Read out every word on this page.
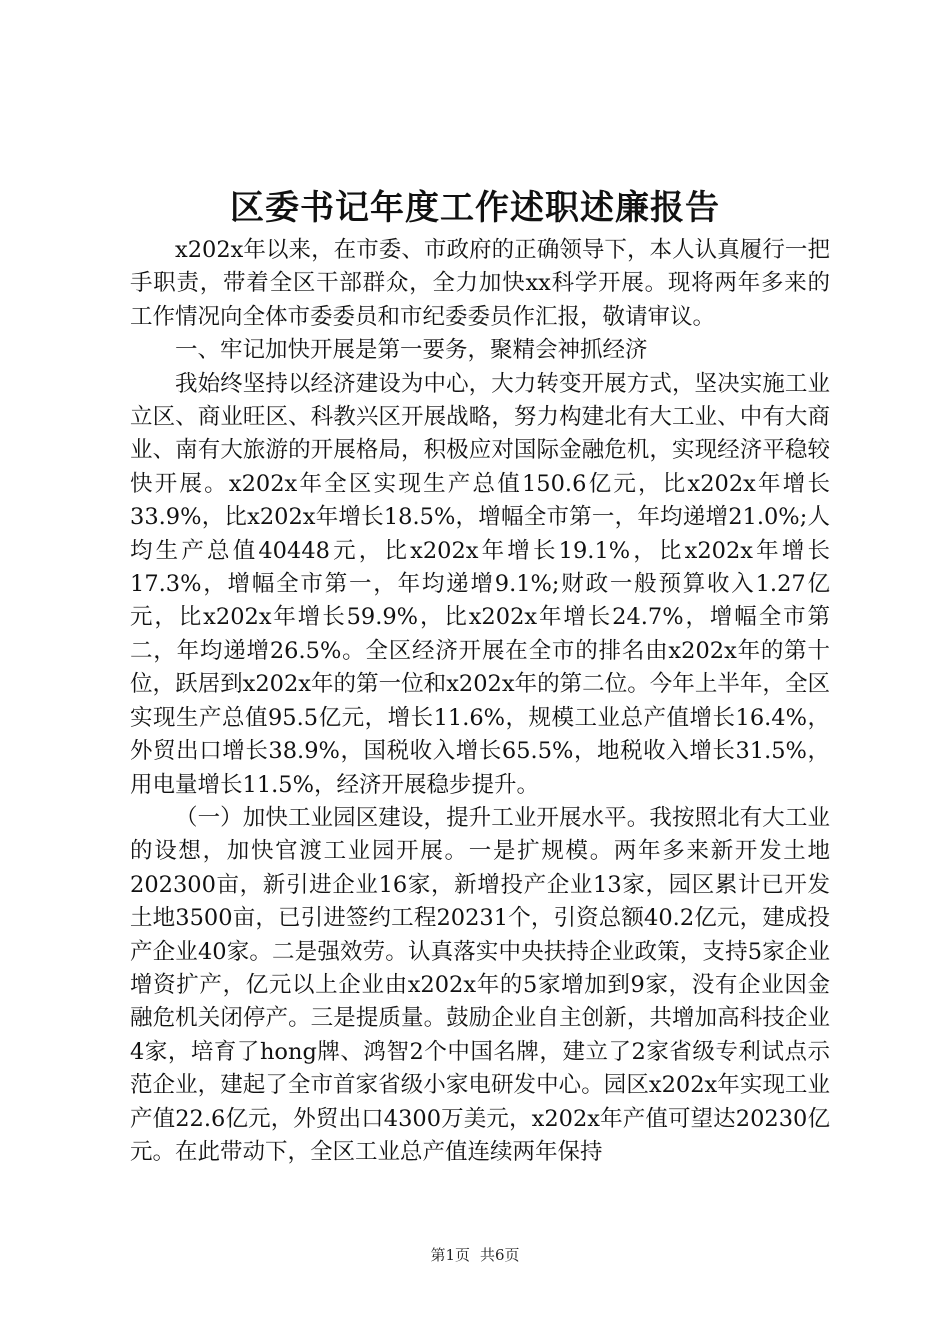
区委书记年度工作述职述廉报告

x202x年以来，在市委、市政府的正确领导下，本人认真履行一把手职责，带着全区干部群众，全力加快xx科学开展。现将两年多来的工作情况向全体市委委员和市纪委委员作汇报，敬请审议。

一、牢记加快开展是第一要务，聚精会神抓经济

我始终坚持以经济建设为中心，大力转变开展方式，坚决实施工业立区、商业旺区、科教兴区开展战略，努力构建北有大工业、中有大商业、南有大旅游的开展格局，积极应对国际金融危机，实现经济平稳较快开展。x202x年全区实现生产总值150.6亿元，比x202x年增长33.9%，比x202x年增长18.5%，增幅全市第一，年均递增21.0%;人均生产总值40448元，比x202x年增长19.1%，比x202x年增长17.3%，增幅全市第一，年均递增9.1%;财政一般预算收入1.27亿元，比x202x年增长59.9%，比x202x年增长24.7%，增幅全市第二，年均递增26.5%。全区经济开展在全市的排名由x202x年的第十位，跃居到x202x年的第一位和x202x年的第二位。今年上半年，全区实现生产总值95.5亿元，增长11.6%，规模工业总产值增长16.4%，外贸出口增长38.9%，国税收入增长65.5%，地税收入增长31.5%，用电量增长11.5%，经济开展稳步提升。

（一）加快工业园区建设，提升工业开展水平。我按照北有大工业的设想，加快官渡工业园开展。一是扩规模。两年多来新开发土地202300亩，新引进企业16家，新增投产企业13家，园区累计已开发土地3500亩，已引进签约工程20231个，引资总额40.2亿元，建成投产企业40家。二是强效劳。认真落实中央扶持企业政策，支持5家企业增资扩产，亿元以上企业由x202x年的5家增加到9家，没有企业因金融危机关闭停产。三是提质量。鼓励企业自主创新，共增加高科技企业4家，培育了hong牌、鸿智2个中国名牌，建立了2家省级专利试点示范企业，建起了全市首家省级小家电研发中心。园区x202x年实现工业产值22.6亿元，外贸出口4300万美元，x202x年产值可望达20230亿元。在此带动下，全区工业总产值连续两年保持

第1页 共6页
